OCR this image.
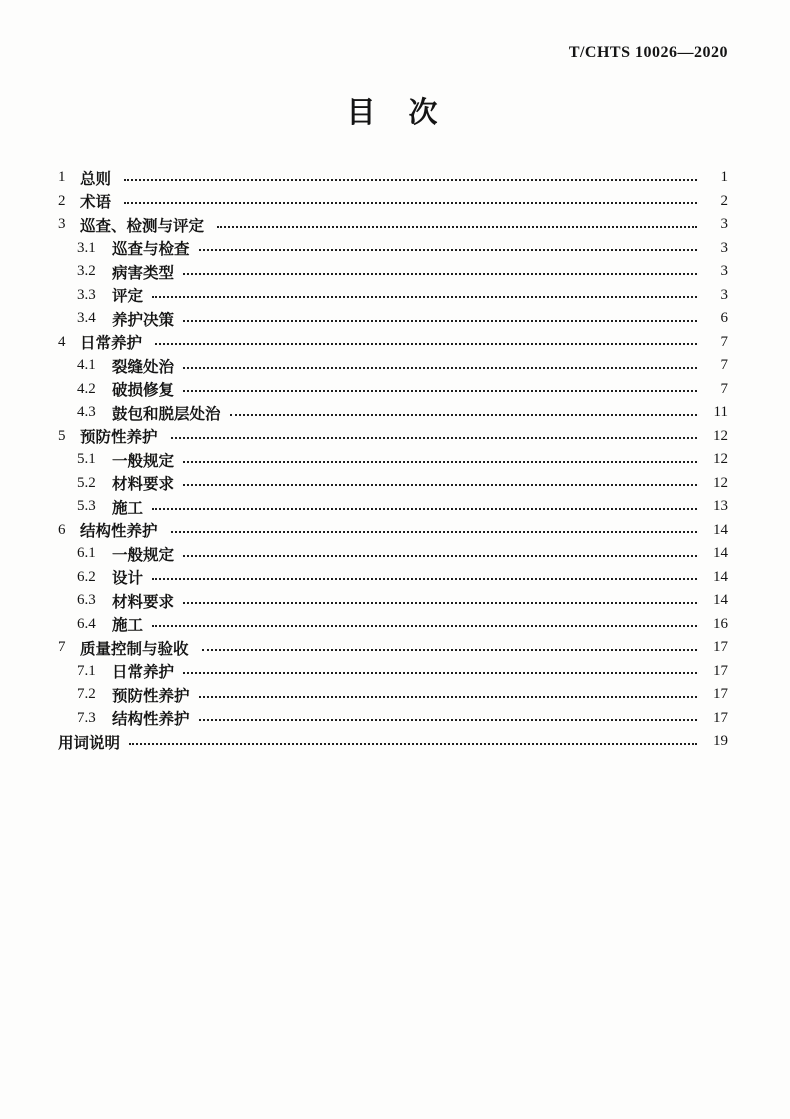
T/CHTS 10026—2020
目　次
1 总则	1
2 术语	2
3 巡查、检测与评定	3
3.1	巡查与检查	3
3.2	病害类型	3
3.3	评定	3
3.4	养护决策	6
4 日常养护	7
4.1	裂缝处治	7
4.2	破损修复	7
4.3	鼓包和脱层处治	11
5 预防性养护	12
5.1	一般规定	12
5.2	材料要求	12
5.3	施工	13
6 结构性养护	14
6.1	一般规定	14
6.2	设计	14
6.3	材料要求	14
6.4	施工	16
7 质量控制与验收	17
7.1	日常养护	17
7.2	预防性养护	17
7.3	结构性养护	17
用词说明	19
